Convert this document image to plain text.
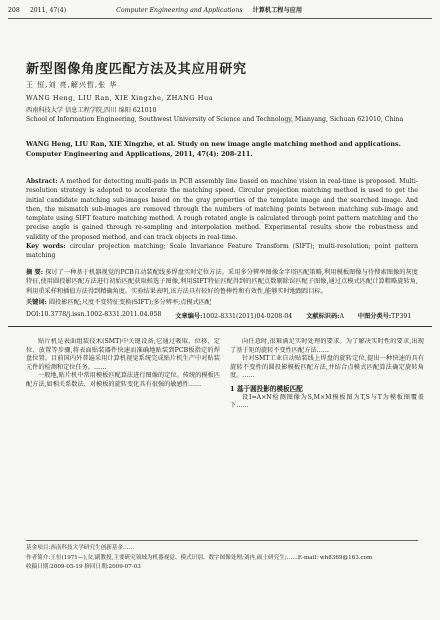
208 2011, 47(4)	Computer Engineering and Applications 计算机工程与应用
新型图像角度匹配方法及其应用研究
王 恒,刘 亮,解兴哲,张 华
WANG Heng, LIU Ran, XIE Xingzhe, ZHANG Hua
西南科技大学 信息工程学院,四川 绵阳 621010
School of Information Engineering, Southwest University of Science and Technology, Mianyang, Sichuan 621010, China
WANG Heng, LIU Ran, XIE Xingzhe, et al. Study on new image angle matching method and applications. Computer Engineering and Applications, 2011, 47(4): 208-211.
Abstract: A method for detecting multi-pads in PCB assembly line based on machine vision in real-time is proposed. Multi-resolution strategy is adopted to accelerate the matching speed. Circular projection matching method is used to get the initial candidate matching sub-images based on the gray properties of the template image and the searched image. And then, the mismatch sub-images are removed through the numbers of matching points between matching sub-image and template using SIFT feature matching method. A rough rotated angle is calculated through point pattern matching and the precise angle is gained through re-sampling and interpolation method. Experimental results show the robustness and validity of the proposed method, and can track objects in real-time.
Key words: circular projection matching; Scale Invariance Feature Transform (SIFT); multi-resolution; point pattern matching
摘 要: 探讨了一种基于机器视觉的PCB自动装配线多焊盘实时定位方法。采用多分辨率图像金字塔匹配策略,利用模板图像与待搜索图像的灰度特征,使用圆投影匹配方法进行初始匹配获取候选子图像,利用SIFT特征匹配得到的匹配点数剔除误匹配子图像,通过点模式匹配计算粗略旋转角,利用重采样和插值方法得到精确角度。实验结果表明,该方法具有较好的鲁棒性和有效性,能够实时地跟踪目标。
关键词: 圆投影匹配;尺度不变特征变换(SIFT);多分辨率;点模式匹配
DOI:10.3778/j.issn.1002-8331.2011.04.058 文章编号:1002-8331(2011)04-0208-04 文献标识码:A 中图分类号:TP391

贴片机是表面组装技术(SMT)中关键设备,它通过吸取、位移、定位、放置等步骤,将表面贴装器件快速而准确地贴装到PCB板指定的焊盘位置。目前国内外普遍采用计算机视觉系统完成贴片机生产中对贴装元件的检测和定位任务。……

一般地,贴片机中常用模板匹配算法进行图像的定位。传统的模板匹配方法,如相关系数法、对模板的旋转变化具有很强的敏感性……

向任意时,很难满足实时处理的要求。为了解决实时性的要求,出现了基于矩的旋转不变性匹配方法……

针对SMT工业自动贴装线上焊盘的旋转定位,提出一种快速的具有旋转不变性的圆投影模板匹配方法,并结合点模式匹配算法确定旋转角度。……

1 基于圆投影的模板匹配

设I=A×N检测图像为S,M×M模板图为T,S与T为模板图覆盖下……

基金项目:西南科技大学研究生创新基金……
作者简介:王恒(1971—),女,副教授,主要研究领域为机器视觉、模式识别、数字图像处理;刘冉,硕士研究生;……E-mail: wh8369@163.com
收稿日期:2009-05-19 修回日期:2009-07-03
